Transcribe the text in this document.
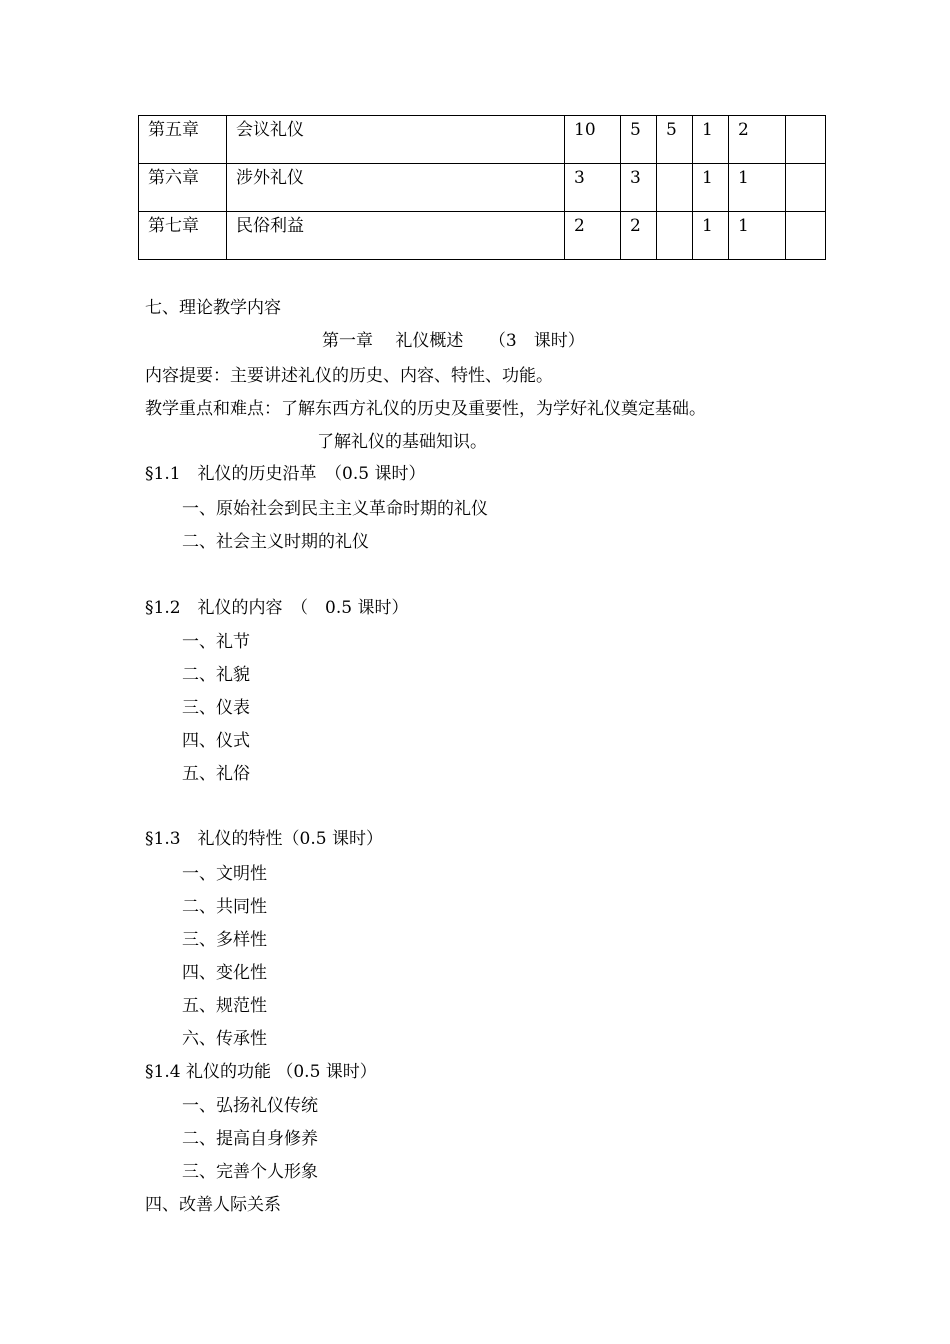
第五章	会议礼仪	10	5	5	1	2	
第六章	涉外礼仪	3	3		1	1	
第七章	民俗利益	2	2		1	1	
七、理论教学内容
第一章　 礼仪概述　　（3　课时）
内容提要：主要讲述礼仪的历史、内容、特性、功能。
教学重点和难点：了解东西方礼仪的历史及重要性，为学好礼仪奠定基础。
了解礼仪的基础知识。
§1.1　礼仪的历史沿革　（0.5 课时）
一、原始社会到民主主义革命时期的礼仪
二、社会主义时期的礼仪
§1.2　礼仪的内容　（　0.5 课时）
一、礼节
二、礼貌
三、仪表
四、仪式
五、礼俗
§1.3　礼仪的特性（0.5 课时）
一、文明性
二、共同性
三、多样性
四、变化性
五、规范性
六、传承性
§1.4 礼仪的功能 （0.5 课时）
一、弘扬礼仪传统
二、提高自身修养
三、完善个人形象
四、改善人际关系
